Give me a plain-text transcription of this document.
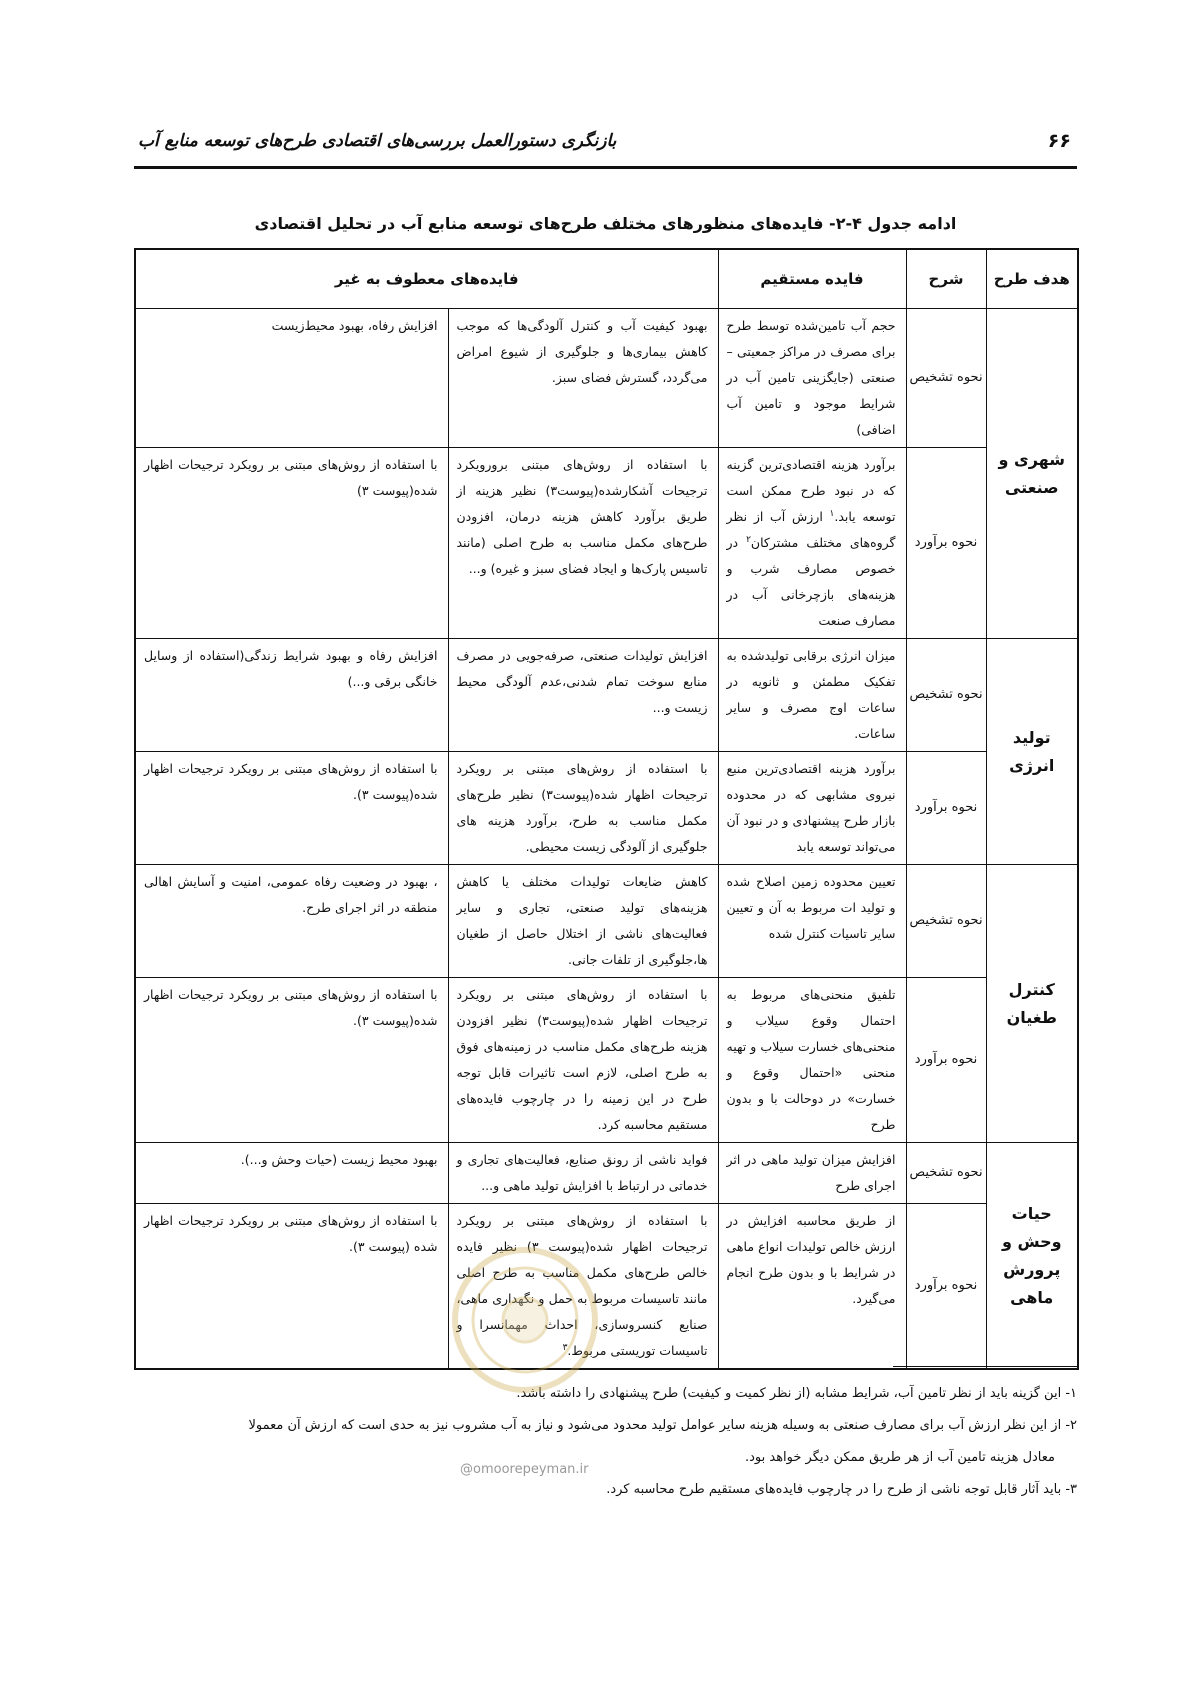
۶۶
بازنگری دستورالعمل بررسی‌های اقتصادی طرح‌های توسعه منابع آب
ادامه جدول ۴-۲- فایده‌های منظورهای مختلف طرح‌های توسعه منابع آب در تحلیل اقتصادی
هدف طرح	شرح	فایده مستقیم	فایده‌های معطوف به غیر	
شهری و صنعتی	نحوه تشخیص	حجم آب تامین‌شده توسط طرح برای مصرف در مراکز جمعیتی – صنعتی (جایگزینی تامین آب در شرایط موجود و تامین آب اضافی)	بهبود کیفیت آب و کنترل آلودگی‌ها که موجب کاهش بیماری‌ها و جلوگیری از شیوع امراض می‌گردد، گسترش فضای سبز.	افزایش رفاه، بهبود محیط‌زیست
	نحوه برآورد	برآورد هزینه اقتصادی‌ترین گزینه که در نبود طرح ممکن است توسعه یابد.$^۱$ ارزش آب از نظر گروه‌های مختلف مشترکان$^۲$ در خصوص مصارف شرب و هزینه‌های بازچرخانی آب در مصارف صنعت	با استفاده از روش‌های مبتنی برورویکرد ترجیحات آشکارشده(پیوست۳) نظیر هزینه از طریق برآورد کاهش هزینه درمان، افزودن طرح‌های مکمل مناسب به طرح اصلی (مانند تاسیس پارک‌ها و ایجاد فضای سبز و غیره) و...	با استفاده از روش‌های مبتنی بر رویکرد ترجیحات اظهار شده(پیوست ۳)
تولید انرژی	نحوه تشخیص	میزان انرژی برقابی تولیدشده به تفکیک مطمئن و ثانویه در ساعات اوج مصرف و سایر ساعات.	افزایش تولیدات صنعتی، صرفه‌جویی در مصرف منابع سوخت تمام شدنی،عدم آلودگی محیط زیست و...	افزایش رفاه و بهبود شرایط زندگی(استفاده از وسایل خانگی برقی و...)
	نحوه برآورد	برآورد هزینه اقتصادی‌ترین منبع نیروی مشابهی که در محدوده بازار طرح پیشنهادی و در نبود آن می‌تواند توسعه یابد	با استفاده از روش‌های مبتنی بر رویکرد ترجیحات اظهار شده(پیوست۳) نظیر طرح‌های مکمل مناسب به طرح، برآورد هزینه های جلوگیری از آلودگی زیست محیطی.	با استفاده از روش‌های مبتنی بر رویکرد ترجیحات اظهار شده(پیوست ۳).
کنترل طغیان	نحوه تشخیص	تعیین محدوده زمین اصلاح شده و تولید ات مربوط به آن و تعیین سایر تاسیات کنترل شده	کاهش ضایعات تولیدات مختلف یا کاهش هزینه‌های تولید صنعتی، تجاری و سایر فعالیت‌های ناشی از اختلال حاصل از طغیان ها،جلوگیری از تلفات جانی.	، بهبود در وضعیت رفاه عمومی، امنیت و آسایش اهالی منطقه در اثر اجرای طرح.
	نحوه برآورد	تلفیق منحنی‌های مربوط به احتمال وقوع سیلاب و منحنی‌های خسارت سیلاب و تهیه منحنی «احتمال وقوع و خسارت» در دوحالت با و بدون طرح	با استفاده از روش‌های مبتنی بر رویکرد ترجیحات اظهار شده(پیوست۳) نظیر افزودن هزینه طرح‌های مکمل مناسب در زمینه‌های فوق به طرح اصلی، لازم است تاثیرات قابل توجه طرح در این زمینه را در چارچوب فایده‌های مستقیم محاسبه کرد.	با استفاده از روش‌های مبتنی بر رویکرد ترجیحات اظهار شده(پیوست ۳).
حیات وحش و پرورش ماهی	نحوه تشخیص	افزایش میزان تولید ماهی در اثر اجرای طرح	فواید ناشی از رونق صنایع، فعالیت‌های تجاری و خدماتی در ارتباط با افزایش تولید ماهی و...	بهبود محیط زیست (حیات وحش و...).
	نحوه برآورد	از طریق محاسبه افزایش در ارزش خالص تولیدات انواع ماهی در شرایط با و بدون طرح انجام می‌گیرد.	با استفاده از روش‌های مبتنی بر رویکرد ترجیحات اظهار شده(پیوست ۳) نظیر فایده خالص طرح‌های مکمل مناسب به طرح اصلی مانند تاسیسات مربوط به حمل و نگهداری ماهی، صنایع کنسروسازی، احداث مهمانسرا و تاسیسات توریستی مربوط.$^۳$	با استفاده از روش‌های مبتنی بر رویکرد ترجیحات اظهار شده (پیوست ۳).
۱- این گزینه باید از نظر تامین آب، شرایط مشابه (از نظر کمیت و کیفیت) طرح پیشنهادی را داشته باشد.
۲- از این نظر ارزش آب برای مصارف صنعتی به وسیله هزینه سایر عوامل تولید محدود می‌شود و نیاز به آب مشروب نیز به حدی است که ارزش آن معمولا
معادل هزینه تامین آب از هر طریق ممکن دیگر خواهد بود.
۳- باید آثار قابل توجه ناشی از طرح را در چارچوب فایده‌های مستقیم طرح محاسبه کرد.
@omoorepeyman.ir
